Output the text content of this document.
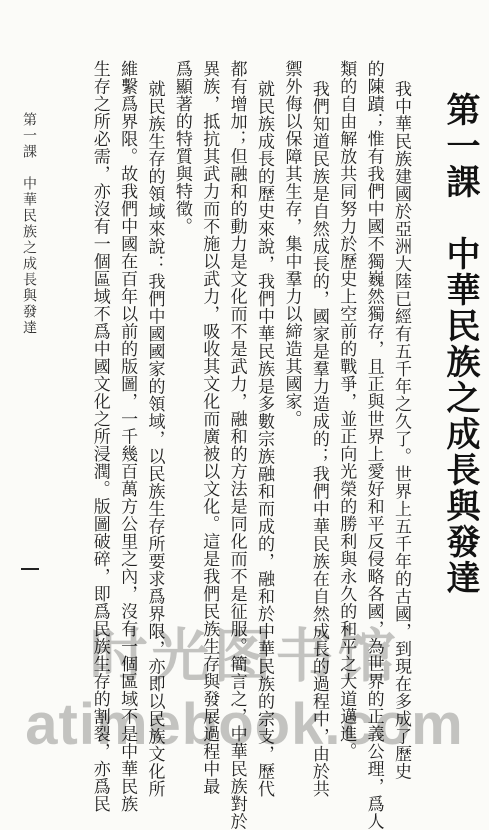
第一課　中華民族之成長與發達
我中華民族建國於亞洲大陸已經有五千年之久了。世界上五千年的古國，到現在多成了歷史
的陳蹟；惟有我們中國不獨巍然獨存，且正與世界上愛好和平反侵略各國，為世界的正義公理，爲人
類的自由解放共同努力於歷史上空前的戰爭，並正向光榮的勝利與永久的和平之大道邁進。
我們知道民族是自然成長的，國家是羣力造成的；我們中華民族在自然成長的過程中，由於共
禦外侮以保障其生存，集中羣力以締造其國家。
就民族成長的歷史來說，我們中華民族是多數宗族融和而成的，融和於中華民族的宗支，歷代
都有增加；但融和的動力是文化而不是武力，融和的方法是同化而不是征服。簡言之，中華民族對於
異族，抵抗其武力而不施以武力，吸收其文化而廣被以文化。這是我們民族生存與發展過程中最
爲顯著的特質與特徵。
就民族生存的領域來說：我們中國國家的領域，以民族生存所要求爲界限，亦即以民族文化所
維繫爲界限。故我們中國在百年以前的版圖，一千幾百萬方公里之內，沒有一個區域不是中華民族
生存之所必需，亦沒有一個區域不爲中國文化之所浸潤。版圖破碎，即爲民族生存的割裂，亦爲民
第一課　中華民族之成長與發達
时光图书馆
atimebook.com
